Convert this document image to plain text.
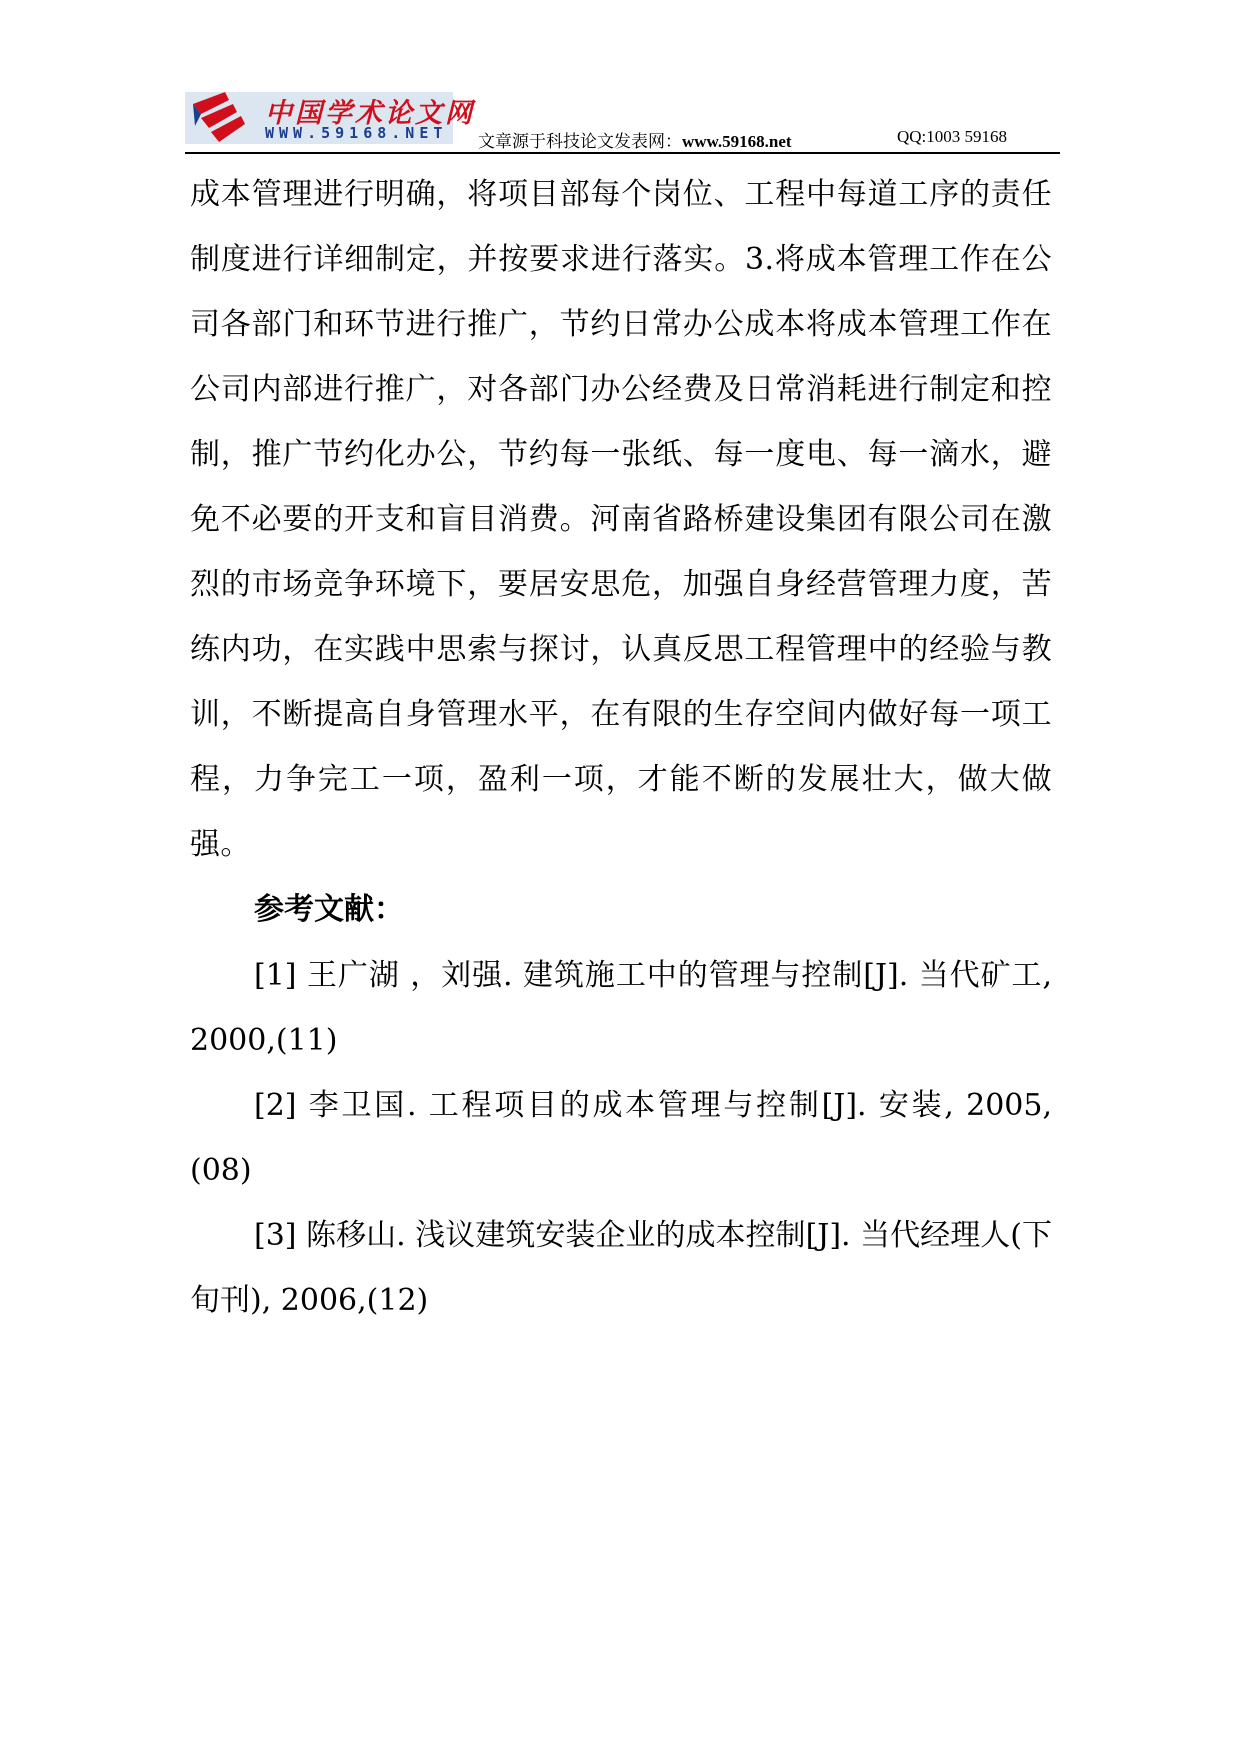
中国学术论文网
WWW.59168.NET 文章源于科技论文发表网：www.59168.net	QQ:1003 59168

成本管理进行明确，将项目部每个岗位、工程中每道工序的责任制度进行详细制定，并按要求进行落实。3.将成本管理工作在公司各部门和环节进行推广，节约日常办公成本将成本管理工作在公司内部进行推广，对各部门办公经费及日常消耗进行制定和控制，推广节约化办公，节约每一张纸、每一度电、每一滴水，避免不必要的开支和盲目消费。河南省路桥建设集团有限公司在激烈的市场竞争环境下，要居安思危，加强自身经营管理力度，苦练内功，在实践中思索与探讨，认真反思工程管理中的经验与教训，不断提高自身管理水平，在有限的生存空间内做好每一项工程，力争完工一项，盈利一项，才能不断的发展壮大，做大做强。

参考文献：

[1] 王广湖 ，刘强. 建筑施工中的管理与控制[J]. 当代矿工, 2000,(11)

[2] 李卫国. 工程项目的成本管理与控制[J]. 安装, 2005,(08)

[3] 陈移山. 浅议建筑安装企业的成本控制[J]. 当代经理人(下旬刊), 2006,(12)
